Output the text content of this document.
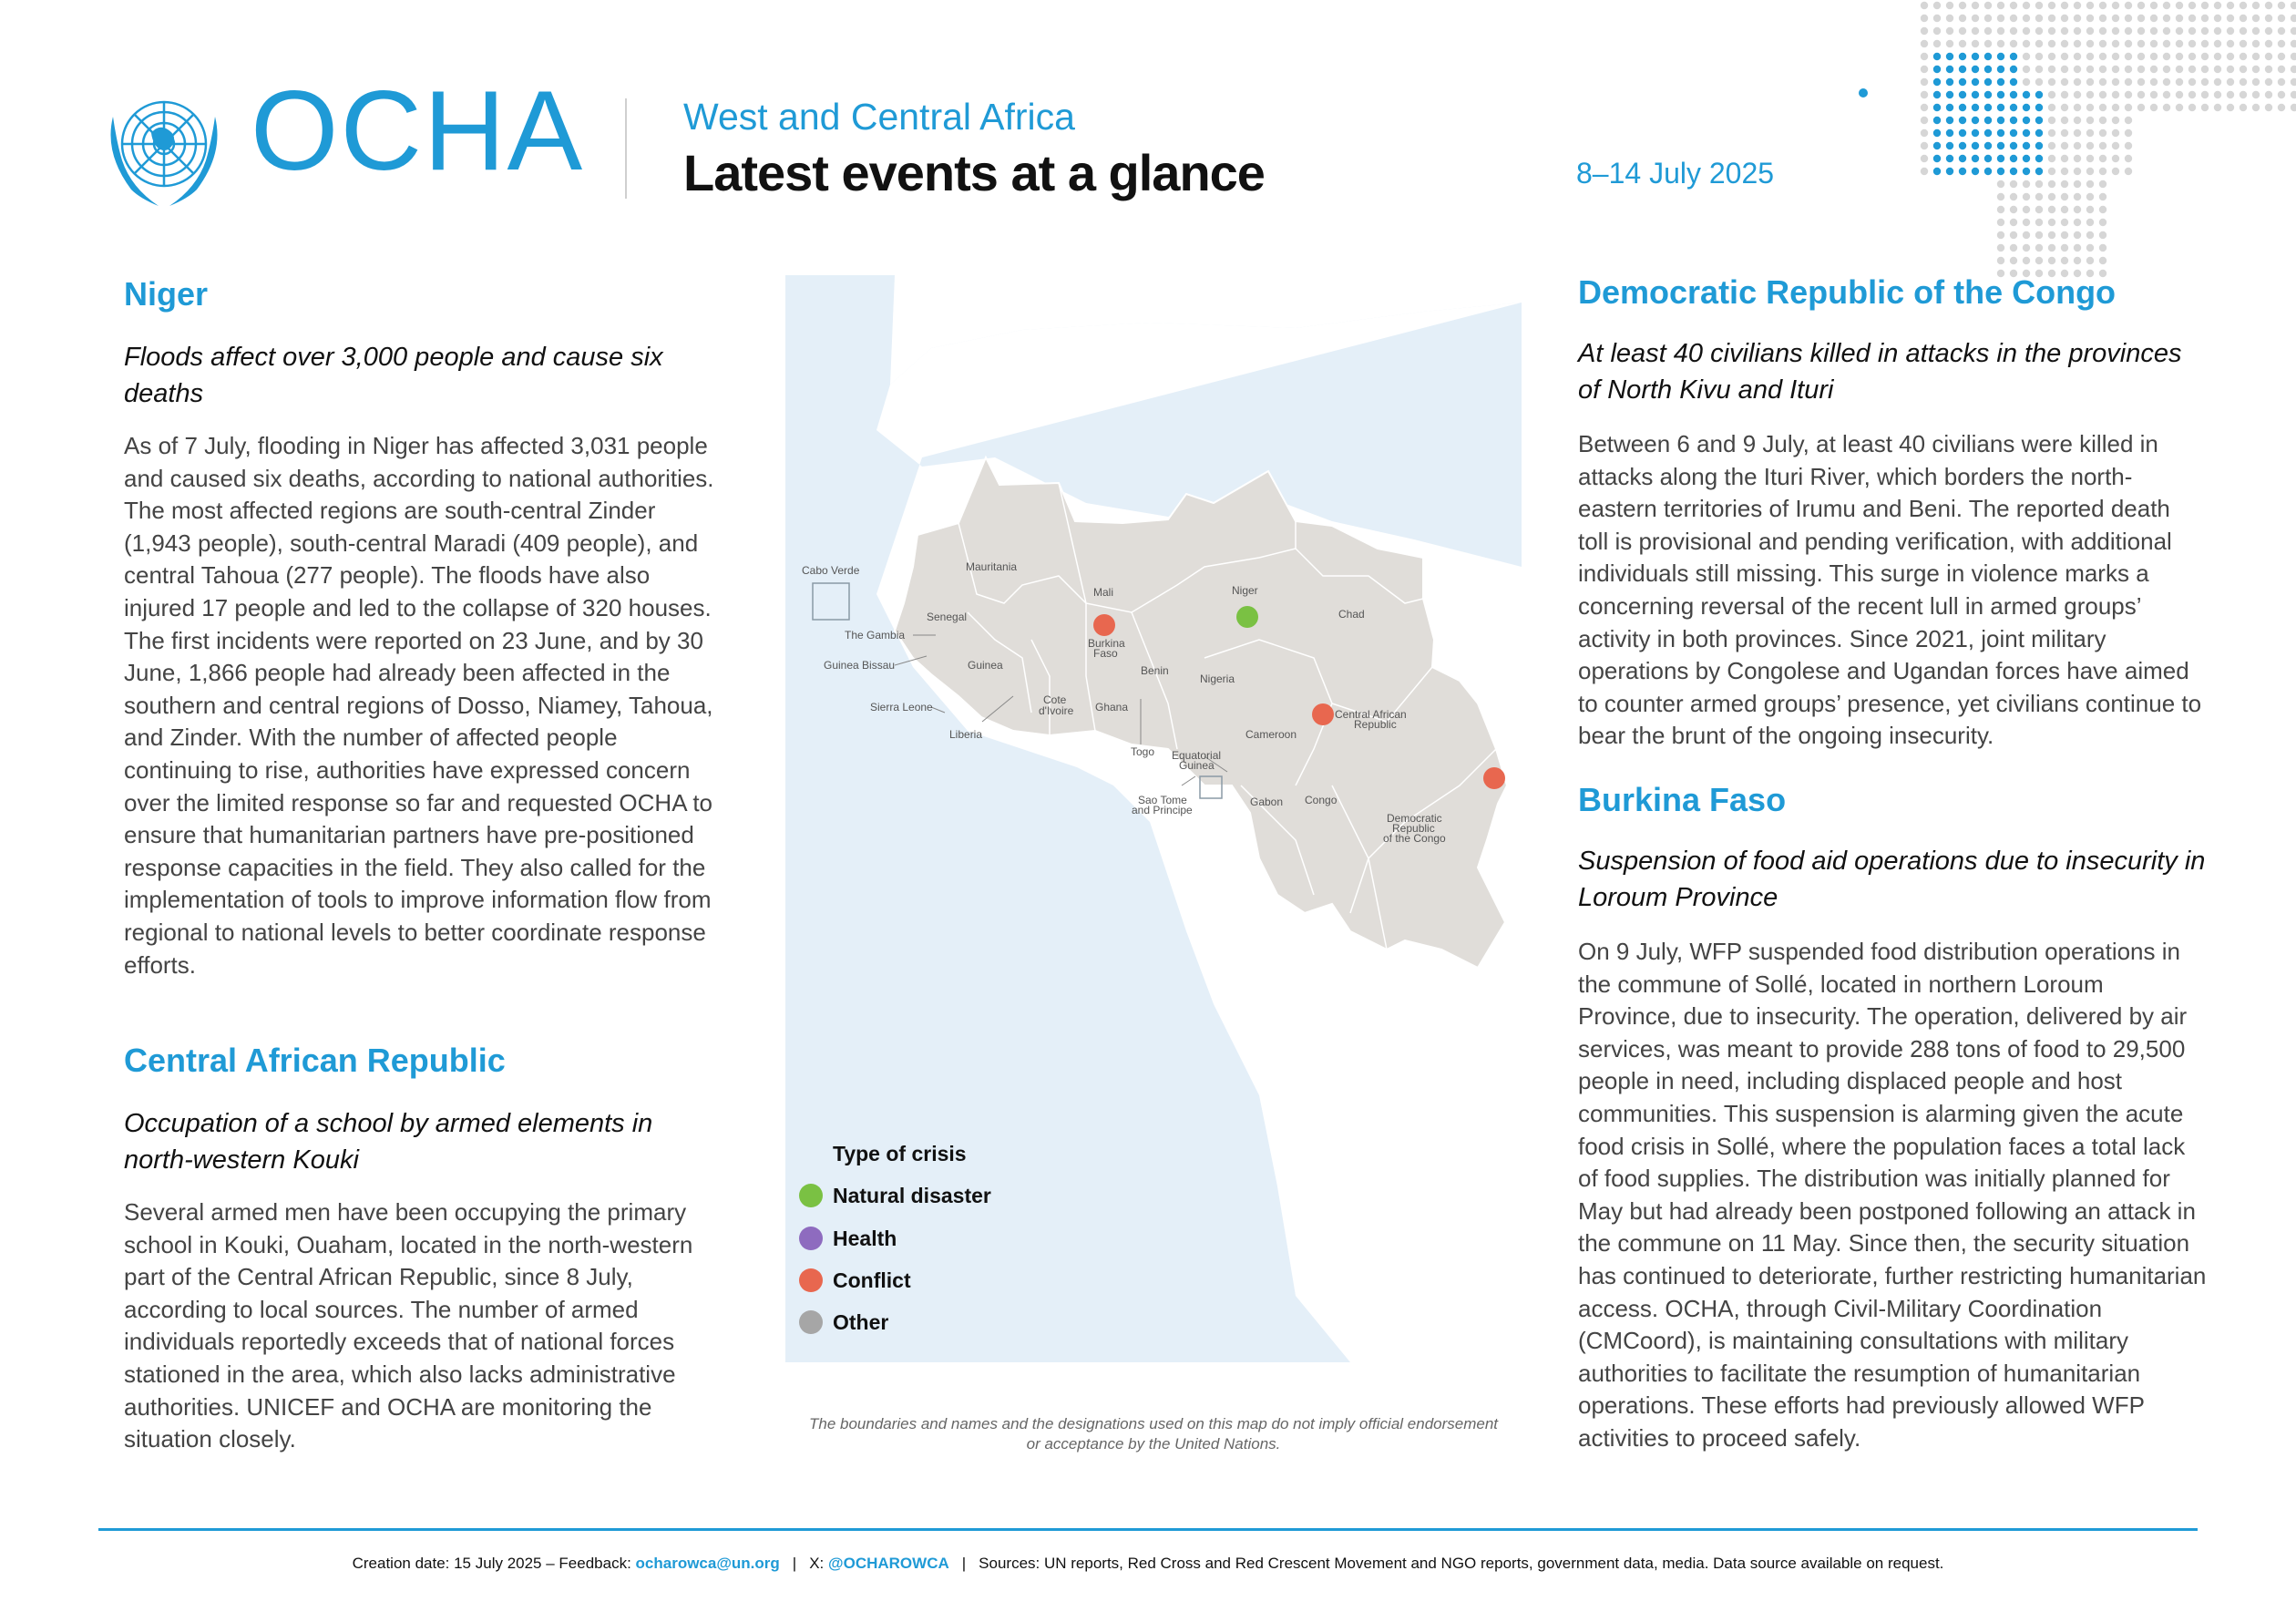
OCHA	West and Central Africa
Latest events at a glance	8–14 July 2025
Niger

Floods affect over 3,000 people and cause six deaths

As of 7 July, flooding in Niger has affected 3,031 people and caused six deaths, according to national authorities. The most affected regions are south-central Zinder (1,943 people), south-central Maradi (409 people), and central Tahoua (277 people). The floods have also injured 17 people and led to the collapse of 320 houses. The first incidents were reported on 23 June, and by 30 June, 1,866 people had already been affected in the southern and central regions of Dosso, Niamey, Tahoua, and Zinder. With the number of affected people continuing to rise, authorities have expressed concern over the limited response so far and requested OCHA to ensure that humanitarian partners have pre-positioned response capacities in the field. They also called for the implementation of tools to improve information flow from regional to national levels to better coordinate response efforts.

Central African Republic

Occupation of a school by armed elements in north-western Kouki

Several armed men have been occupying the primary school in Kouki, Ouaham, located in the north-western part of the Central African Republic, since 8 July, according to local sources. The number of armed individuals reportedly exceeds that of national forces stationed in the area, which also lacks administrative authorities. UNICEF and OCHA are monitoring the situation closely.

Cabo Verde	Mauritania
Mali	Niger
Chad
Senegal
The Gambia
Guinea Bissau	Guinea
Sierra Leone
Liberia
Cote
d'Ivoire Ghana
Togo
Benin
Burkina
Faso
Nigeria
Cameroon
Central African
Republic
Equatorial
Guinea
Sao Tome
and Principe
Gabon Congo
Democratic
Republic
of the Congo
Type of crisis
Natural disaster
Health
Conflict
Other
The boundaries and names and the designations used on this map do not imply official endorsement
or acceptance by the United Nations.
Democratic Republic of the Congo

At least 40 civilians killed in attacks in the provinces of North Kivu and Ituri

Between 6 and 9 July, at least 40 civilians were killed in attacks along the Ituri River, which borders the north-eastern territories of Irumu and Beni. The reported death toll is provisional and pending verification, with additional individuals still missing. This surge in violence marks a concerning reversal of the recent lull in armed groups’ activity in both provinces. Since 2021, joint military operations by Congolese and Ugandan forces have aimed to counter armed groups’ presence, yet civilians continue to bear the brunt of the ongoing insecurity.

Burkina Faso

Suspension of food aid operations due to insecurity in Loroum Province

On 9 July, WFP suspended food distribution operations in the commune of Sollé, located in northern Loroum Province, due to insecurity. The operation, delivered by air services, was meant to provide 288 tons of food to 29,500 people in need, including displaced people and host communities. This suspension is alarming given the acute food crisis in Sollé, where the population faces a total lack of food supplies. The distribution was initially planned for May but had already been postponed following an attack in the commune on 11 May. Since then, the security situation has continued to deteriorate, further restricting humanitarian access. OCHA, through Civil-Military Coordination (CMCoord), is maintaining consultations with military authorities to facilitate the resumption of humanitarian operations. These efforts had previously allowed WFP activities to proceed safely.

Creation date: 15 July 2025 – Feedback: ocharowca@un.org | X: @OCHAROWCA | Sources: UN reports, Red Cross and Red Crescent Movement and NGO reports, government data, media. Data source available on request.
